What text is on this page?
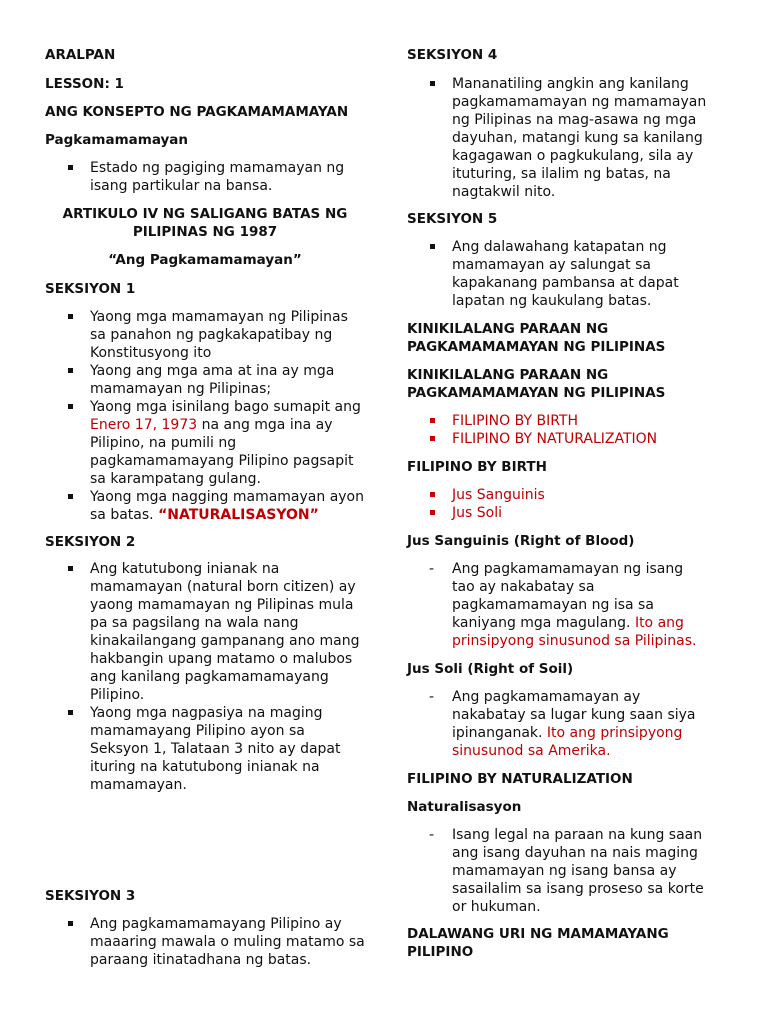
ARALPAN
LESSON: 1
ANG KONSEPTO NG PAGKAMAMAMAYAN
Pagkamamamayan
Estado ng pagiging mamamayan ng isang partikular na bansa.
ARTIKULO IV NG SALIGANG BATAS NG PILIPINAS NG 1987
“Ang Pagkamamamayan”
SEKSIYON 1
Yaong mga mamamayan ng Pilipinas sa panahon ng pagkakapatibay ng Konstitusyong ito
Yaong ang mga ama at ina ay mga mamamayan ng Pilipinas;
Yaong mga isinilang bago sumapit ang Enero 17, 1973 na ang mga ina ay Pilipino, na pumili ng pagkamamamayang Pilipino pagsapit sa karampatang gulang.
Yaong mga nagging mamamayan ayon sa batas. “NATURALISASYON”
SEKSIYON 2
Ang katutubong inianak na mamamayan (natural born citizen) ay yaong mamamayan ng Pilipinas mula pa sa pagsilang na wala nang kinakailangang gampanang ano mang hakbangin upang matamo o malubos ang kanilang pagkamamamayang Pilipino.
Yaong mga nagpasiya na maging mamamayang Pilipino ayon sa Seksyon 1, Talataan 3 nito ay dapat ituring na katutubong inianak na mamamayan.
SEKSIYON 3
Ang pagkamamamayang Pilipino ay maaaring mawala o muling matamo sa paraang itinatadhana ng batas.
SEKSIYON 4
Mananatiling angkin ang kanilang pagkamamamayan ng mamamayan ng Pilipinas na mag-asawa ng mga dayuhan, matangi kung sa kanilang kagagawan o pagkukulang, sila ay ituturing, sa ilalim ng batas, na nagtakwil nito.
SEKSIYON 5
Ang dalawahang katapatan ng mamamayan ay salungat sa kapakanang pambansa at dapat lapatan ng kaukulang batas.
KINIKILALANG PARAAN NG PAGKAMAMAMAYAN NG PILIPINAS
KINIKILALANG PARAAN NG PAGKAMAMAMAYAN NG PILIPINAS
FILIPINO BY BIRTH
FILIPINO BY NATURALIZATION
FILIPINO BY BIRTH
Jus Sanguinis
Jus Soli
Jus Sanguinis (Right of Blood)
- Ang pagkamamamayan ng isang tao ay nakabatay sa pagkamamamayan ng isa sa kaniyang mga magulang. Ito ang prinsipyong sinusunod sa Pilipinas.
Jus Soli (Right of Soil)
- Ang pagkamamamayan ay nakabatay sa lugar kung saan siya ipinanganak. Ito ang prinsipyong sinusunod sa Amerika.
FILIPINO BY NATURALIZATION
Naturalisasyon
- Isang legal na paraan na kung saan ang isang dayuhan na nais maging mamamayan ng isang bansa ay sasailalim sa isang proseso sa korte or hukuman.
DALAWANG URI NG MAMAMAYANG PILIPINO
